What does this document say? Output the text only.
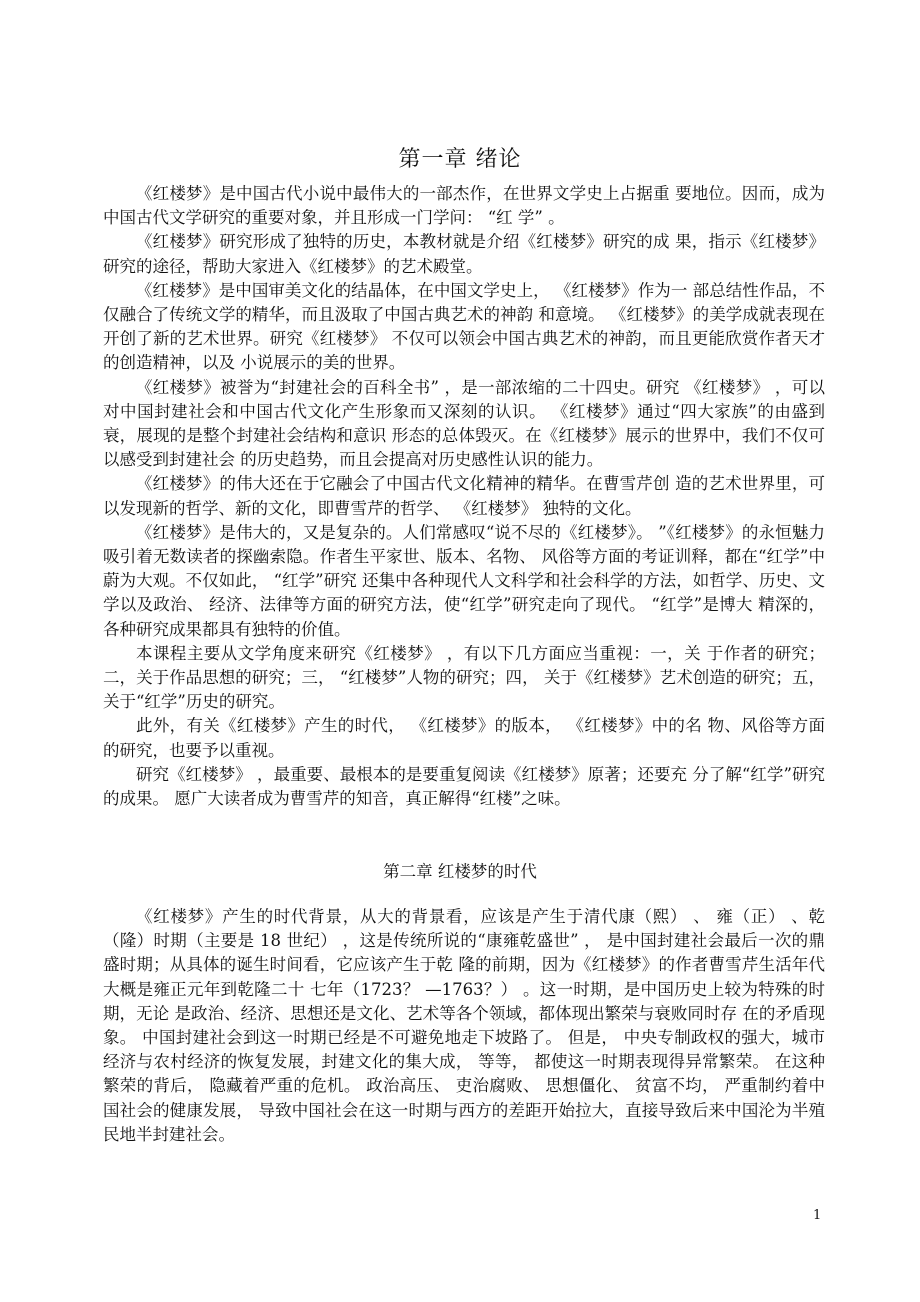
第一章 绪论

《红楼梦》是中国古代小说中最伟大的一部杰作，在世界文学史上占据重 要地位。因而，成为中国古代文学研究的重要对象，并且形成一门学问： “红 学” 。

《红楼梦》研究形成了独特的历史，本教材就是介绍《红楼梦》研究的成 果，指示《红楼梦》研究的途径，帮助大家进入《红楼梦》的艺术殿堂。

《红楼梦》是中国审美文化的结晶体，在中国文学史上， 《红楼梦》作为一 部总结性作品，不仅融合了传统文学的精华，而且汲取了中国古典艺术的神韵 和意境。 《红楼梦》的美学成就表现在开创了新的艺术世界。研究《红楼梦》 不仅可以领会中国古典艺术的神韵，而且更能欣赏作者天才的创造精神，以及 小说展示的美的世界。

《红楼梦》被誉为“封建社会的百科全书” ，是一部浓缩的二十四史。研究 《红楼梦》 ，可以对中国封建社会和中国古代文化产生形象而又深刻的认识。 《红楼梦》通过“四大家族”的由盛到衰，展现的是整个封建社会结构和意识 形态的总体毁灭。在《红楼梦》展示的世界中，我们不仅可以感受到封建社会 的历史趋势，而且会提高对历史感性认识的能力。

《红楼梦》的伟大还在于它融会了中国古代文化精神的精华。在曹雪芹创 造的艺术世界里，可以发现新的哲学、新的文化，即曹雪芹的哲学、 《红楼梦》 独特的文化。

《红楼梦》是伟大的，又是复杂的。人们常感叹“说不尽的《红楼梦》。 ”《红楼梦》的永恒魅力吸引着无数读者的探幽索隐。作者生平家世、版本、名物、 风俗等方面的考证训释，都在“红学”中蔚为大观。不仅如此， “红学”研究 还集中各种现代人文科学和社会科学的方法，如哲学、历史、文学以及政治、 经济、法律等方面的研究方法，使“红学”研究走向了现代。 “红学”是博大 精深的，各种研究成果都具有独特的价值。

本课程主要从文学角度来研究《红楼梦》 ，有以下几方面应当重视：一，关 于作者的研究；二，关于作品思想的研究；三， “红楼梦”人物的研究；四， 关于《红楼梦》艺术创造的研究；五，关于“红学”历史的研究。

此外，有关《红楼梦》产生的时代， 《红楼梦》的版本， 《红楼梦》中的名 物、风俗等方面的研究，也要予以重视。

研究《红楼梦》 ，最重要、最根本的是要重复阅读《红楼梦》原著；还要充 分了解“红学”研究的成果。 愿广大读者成为曹雪芹的知音，真正解得“红楼”之味。

第二章 红楼梦的时代

《红楼梦》产生的时代背景，从大的背景看，应该是产生于清代康（熙） 、 雍（正） 、乾（隆）时期（主要是 18 世纪） ，这是传统所说的“康雍乾盛世” ， 是中国封建社会最后一次的鼎盛时期；从具体的诞生时间看，它应该产生于乾 隆的前期，因为《红楼梦》的作者曹雪芹生活年代大概是雍正元年到乾隆二十 七年（1723？ —1763？） 。这一时期，是中国历史上较为特殊的时期，无论 是政治、经济、思想还是文化、艺术等各个领域，都体现出繁荣与衰败同时存 在的矛盾现象。 中国封建社会到这一时期已经是不可避免地走下坡路了。 但是， 中央专制政权的强大，城市经济与农村经济的恢复发展，封建文化的集大成， 等等， 都使这一时期表现得异常繁荣。 在这种繁荣的背后， 隐藏着严重的危机。 政治高压、 吏治腐败、 思想僵化、 贫富不均， 严重制约着中国社会的健康发展， 导致中国社会在这一时期与西方的差距开始拉大，直接导致后来中国沦为半殖 民地半封建社会。

1
